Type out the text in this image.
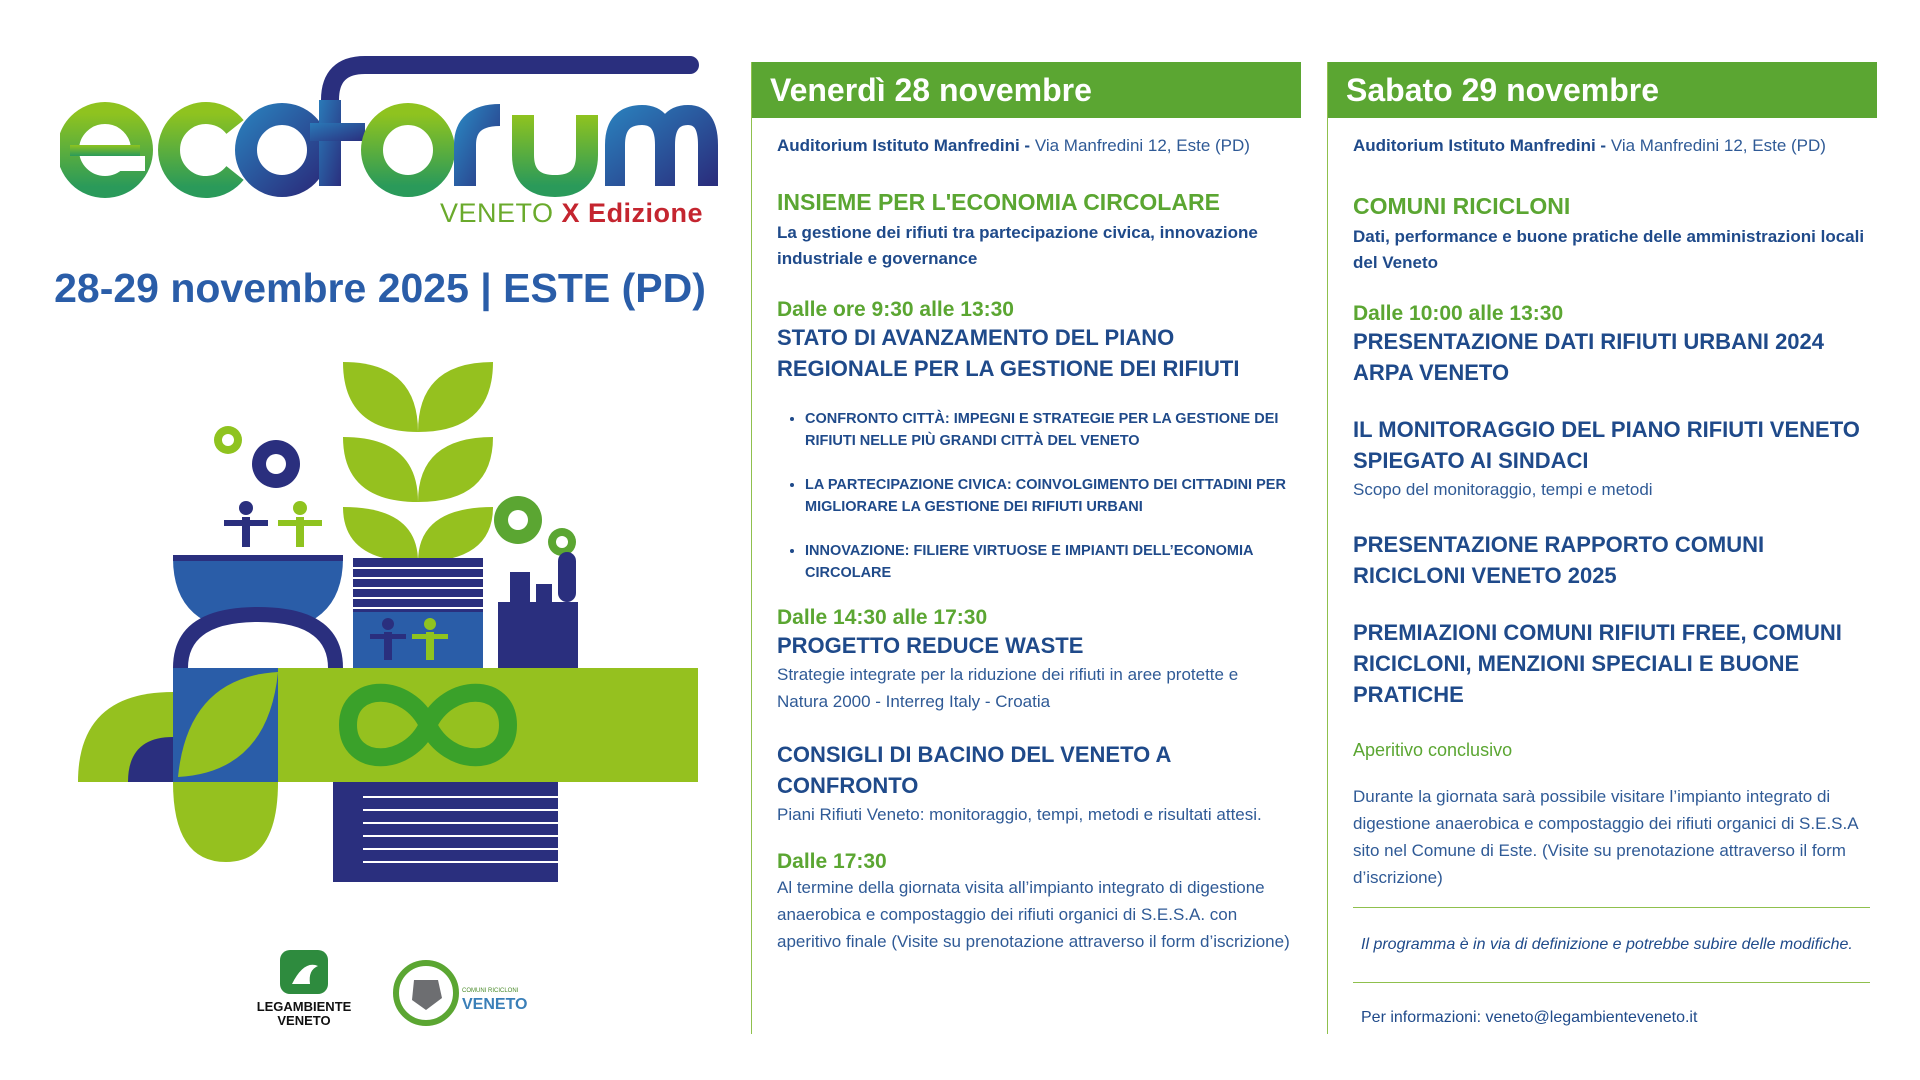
VENETO X Edizione
28-29 novembre 2025 | ESTE (PD)
LEGAMBIENTE
VENETO
COMUNI RICICLONI
VENETO
Venerdì 28 novembre
Auditorium Istituto Manfredini - Via Manfredini 12, Este (PD)
INSIEME PER L'ECONOMIA CIRCOLARE
La gestione dei rifiuti tra partecipazione civica, innovazione industriale e governance
Dalle ore 9:30 alle 13:30
STATO DI AVANZAMENTO DEL PIANO REGIONALE PER LA GESTIONE DEI RIFIUTI
• CONFRONTO CITTÀ: IMPEGNI E STRATEGIE PER LA GESTIONE DEI RIFIUTI NELLE PIÙ GRANDI CITTÀ DEL VENETO
• LA PARTECIPAZIONE CIVICA: COINVOLGIMENTO DEI CITTADINI PER MIGLIORARE LA GESTIONE DEI RIFIUTI URBANI
• INNOVAZIONE: FILIERE VIRTUOSE E IMPIANTI DELL’ECONOMIA CIRCOLARE
Dalle 14:30 alle 17:30
PROGETTO REDUCE WASTE
Strategie integrate per la riduzione dei rifiuti in aree protette e Natura 2000 - Interreg Italy - Croatia
CONSIGLI DI BACINO DEL VENETO A CONFRONTO
Piani Rifiuti Veneto: monitoraggio, tempi, metodi e risultati attesi.
Dalle 17:30
Al termine della giornata visita all’impianto integrato di digestione anaerobica e compostaggio dei rifiuti organici di S.E.S.A. con aperitivo finale (Visite su prenotazione attraverso il form d’iscrizione)
Sabato 29 novembre
Auditorium Istituto Manfredini - Via Manfredini 12, Este (PD)
COMUNI RICICLONI
Dati, performance e buone pratiche delle amministrazioni locali del Veneto
Dalle 10:00 alle 13:30
PRESENTAZIONE DATI RIFIUTI URBANI 2024 ARPA VENETO
IL MONITORAGGIO DEL PIANO RIFIUTI VENETO SPIEGATO AI SINDACI
Scopo del monitoraggio, tempi e metodi
PRESENTAZIONE RAPPORTO COMUNI RICICLONI VENETO 2025
PREMIAZIONI COMUNI RIFIUTI FREE, COMUNI RICICLONI, MENZIONI SPECIALI E BUONE PRATICHE
Aperitivo conclusivo
Durante la giornata sarà possibile visitare l’impianto integrato di digestione anaerobica e compostaggio dei rifiuti organici di S.E.S.A sito nel Comune di Este. (Visite su prenotazione attraverso il form d’iscrizione)
Il programma è in via di definizione e potrebbe subire delle modifiche.
Per informazioni: veneto@legambienteveneto.it
